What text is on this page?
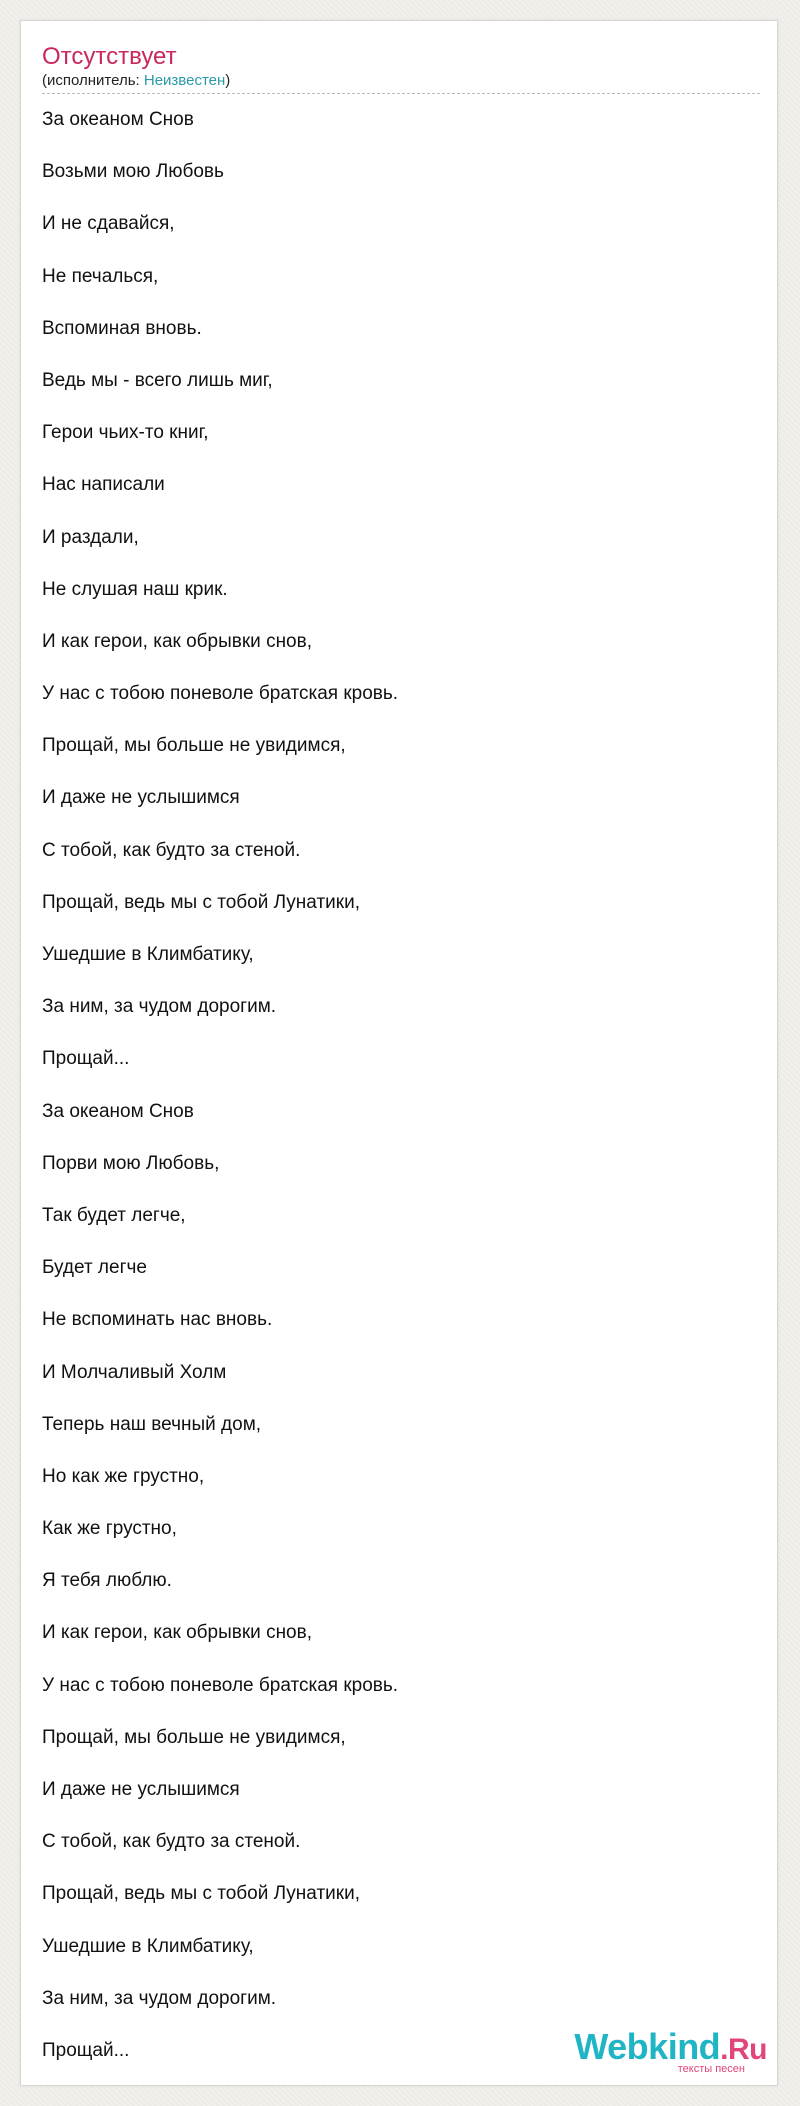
Отсутствует
(исполнитель: Неизвестен)
За океаном Снов
Возьми мою Любовь
И не сдавайся,
Не печалься,
Вспоминая вновь.
Ведь мы - всего лишь миг,
Герои чьих-то книг,
Нас написали
И раздали,
Не слушая наш крик.
И как герои, как обрывки снов,
У нас с тобою поневоле братская кровь.
Прощай, мы больше не увидимся,
И даже не услышимся
С тобой, как будто за стеной.
Прощай, ведь мы с тобой Лунатики,
Ушедшие в Климбатику,
За ним, за чудом дорогим.
Прощай...
За океаном Снов
Порви мою Любовь,
Так будет легче,
Будет легче
Не вспоминать нас вновь.
И Молчаливый Холм
Теперь наш вечный дом,
Но как же грустно,
Как же грустно,
Я тебя люблю.
И как герои, как обрывки снов,
У нас с тобою поневоле братская кровь.
Прощай, мы больше не увидимся,
И даже не услышимся
С тобой, как будто за стеной.
Прощай, ведь мы с тобой Лунатики,
Ушедшие в Климбатику,
За ним, за чудом дорогим.
Прощай...	Webkind.Ru
тексты песен
